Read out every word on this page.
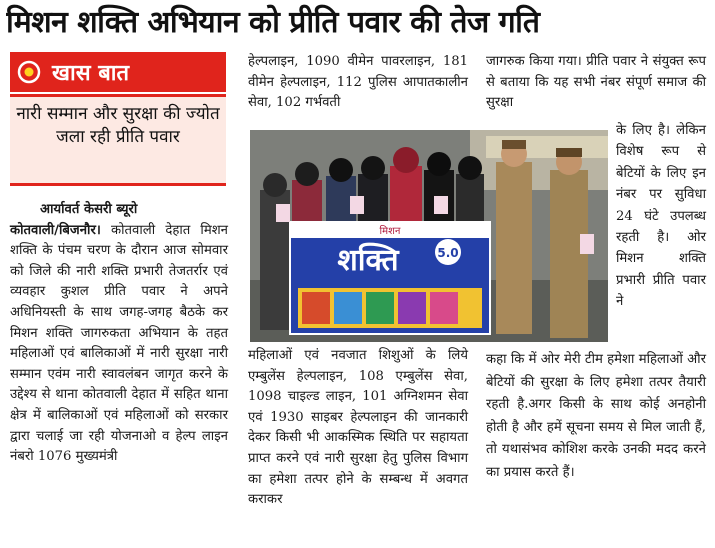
मिशन शक्ति अभियान को प्रीति पवार की तेज गति
खास बात
नारी सम्मान और सुरक्षा की ज्योत जला रही प्रीति पवार
आर्यावर्त केसरी ब्यूरो
कोतवाली/बिजनौर। कोतवाली देहात मिशन शक्ति के पंचम चरण के दौरान आज सोमवार को जिले की नारी शक्ति प्रभारी तेजतर्रार एवं व्यवहार कुशल प्रीति पवार ने अपने अधिनियस्ती के साथ जगह-जगह बैठके कर मिशन शक्ति जागरुकता अभियान के तहत महिलाओं एवं बालिकाओं में नारी सुरक्षा नारी सम्मान एवंम नारी स्वावलंबन जागृत करने के उद्देश्य से थाना कोतवाली देहात में सहित थाना क्षेत्र में बालिकाओं एवं महिलाओं को सरकार द्वारा चलाई जा रही योजनाओ व हेल्प लाइन नंबरो 1076 मुख्यमंत्री
हेल्पलाइन, 1090 वीमेन पावरलाइन, 181 वीमेन हेल्पलाइन, 112 पुलिस आपातकालीन सेवा, 102 गर्भवती
मिशन
शक्ति	5.0
महिलाओं एवं नवजात शिशुओं के लिये एम्बुलेंस हेल्पलाइन, 108 एम्बुलेंस सेवा, 1098 चाइल्ड लाइन, 101 अग्निशमन सेवा एवं 1930 साइबर हेल्पलाइन की जानकारी देकर किसी भी आकस्मिक स्थिति पर सहायता प्राप्त करने एवं नारी सुरक्षा हेतु पुलिस विभाग का हमेशा तत्पर होने के सम्बन्ध में अवगत कराकर
जागरुक किया गया। प्रीति पवार ने संयुक्त रूप से बताया कि यह सभी नंबर संपूर्ण समाज की सुरक्षा
के लिए है। लेकिन विशेष रूप से बेटियों के लिए इन नंबर पर सुविधा 24 घंटे उपलब्ध रहती है। ओर मिशन शक्ति प्रभारी प्रीति पवार ने
कहा कि में ओर मेरी टीम हमेशा महिलाओं और बेटियों की सुरक्षा के लिए हमेशा तत्पर तैयारी रहती है.अगर किसी के साथ कोई अनहोनी होती है और हमें सूचना समय से मिल जाती हैं, तो यथासंभव कोशिश करके उनकी मदद करने का प्रयास करते हैं।
